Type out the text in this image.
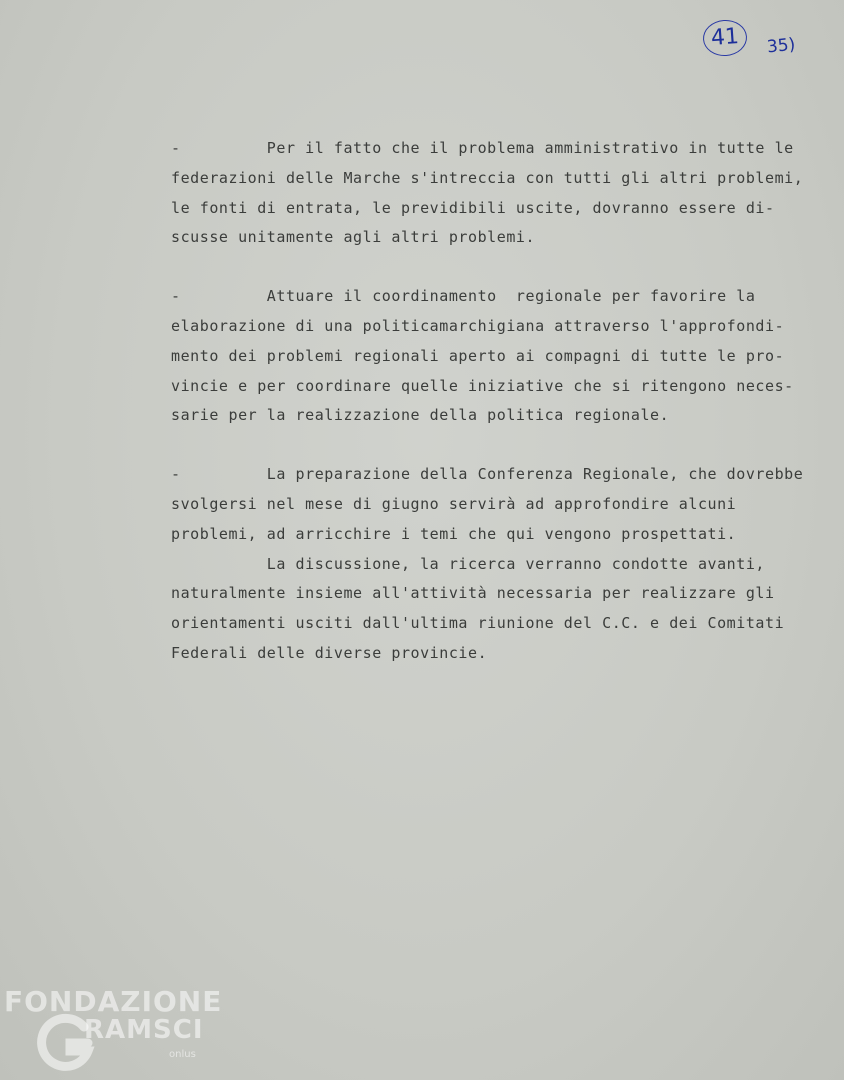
41	35)
-         Per il fatto che il problema amministrativo in tutte le
federazioni delle Marche s'intreccia con tutti gli altri problemi,
le fonti di entrata, le previdibili uscite, dovranno essere di-
scusse unitamente agli altri problemi.
-         Attuare il coordinamento  regionale per favorire la
elaborazione di una politicamarchigiana attraverso l'approfondi-
mento dei problemi regionali aperto ai compagni di tutte le pro-
vincie e per coordinare quelle iniziative che si ritengono neces-
sarie per la realizzazione della politica regionale.
-         La preparazione della Conferenza Regionale, che dovrebbe
svolgersi nel mese di giugno servirà ad approfondire alcuni
problemi, ad arricchire i temi che qui vengono prospettati.
La discussione, la ricerca verranno condotte avanti,
naturalmente insieme all'attività necessaria per realizzare gli
orientamenti usciti dall'ultima riunione del C.C. e dei Comitati
Federali delle diverse provincie.
FONDAZIONE
RAMSCI
onlus
